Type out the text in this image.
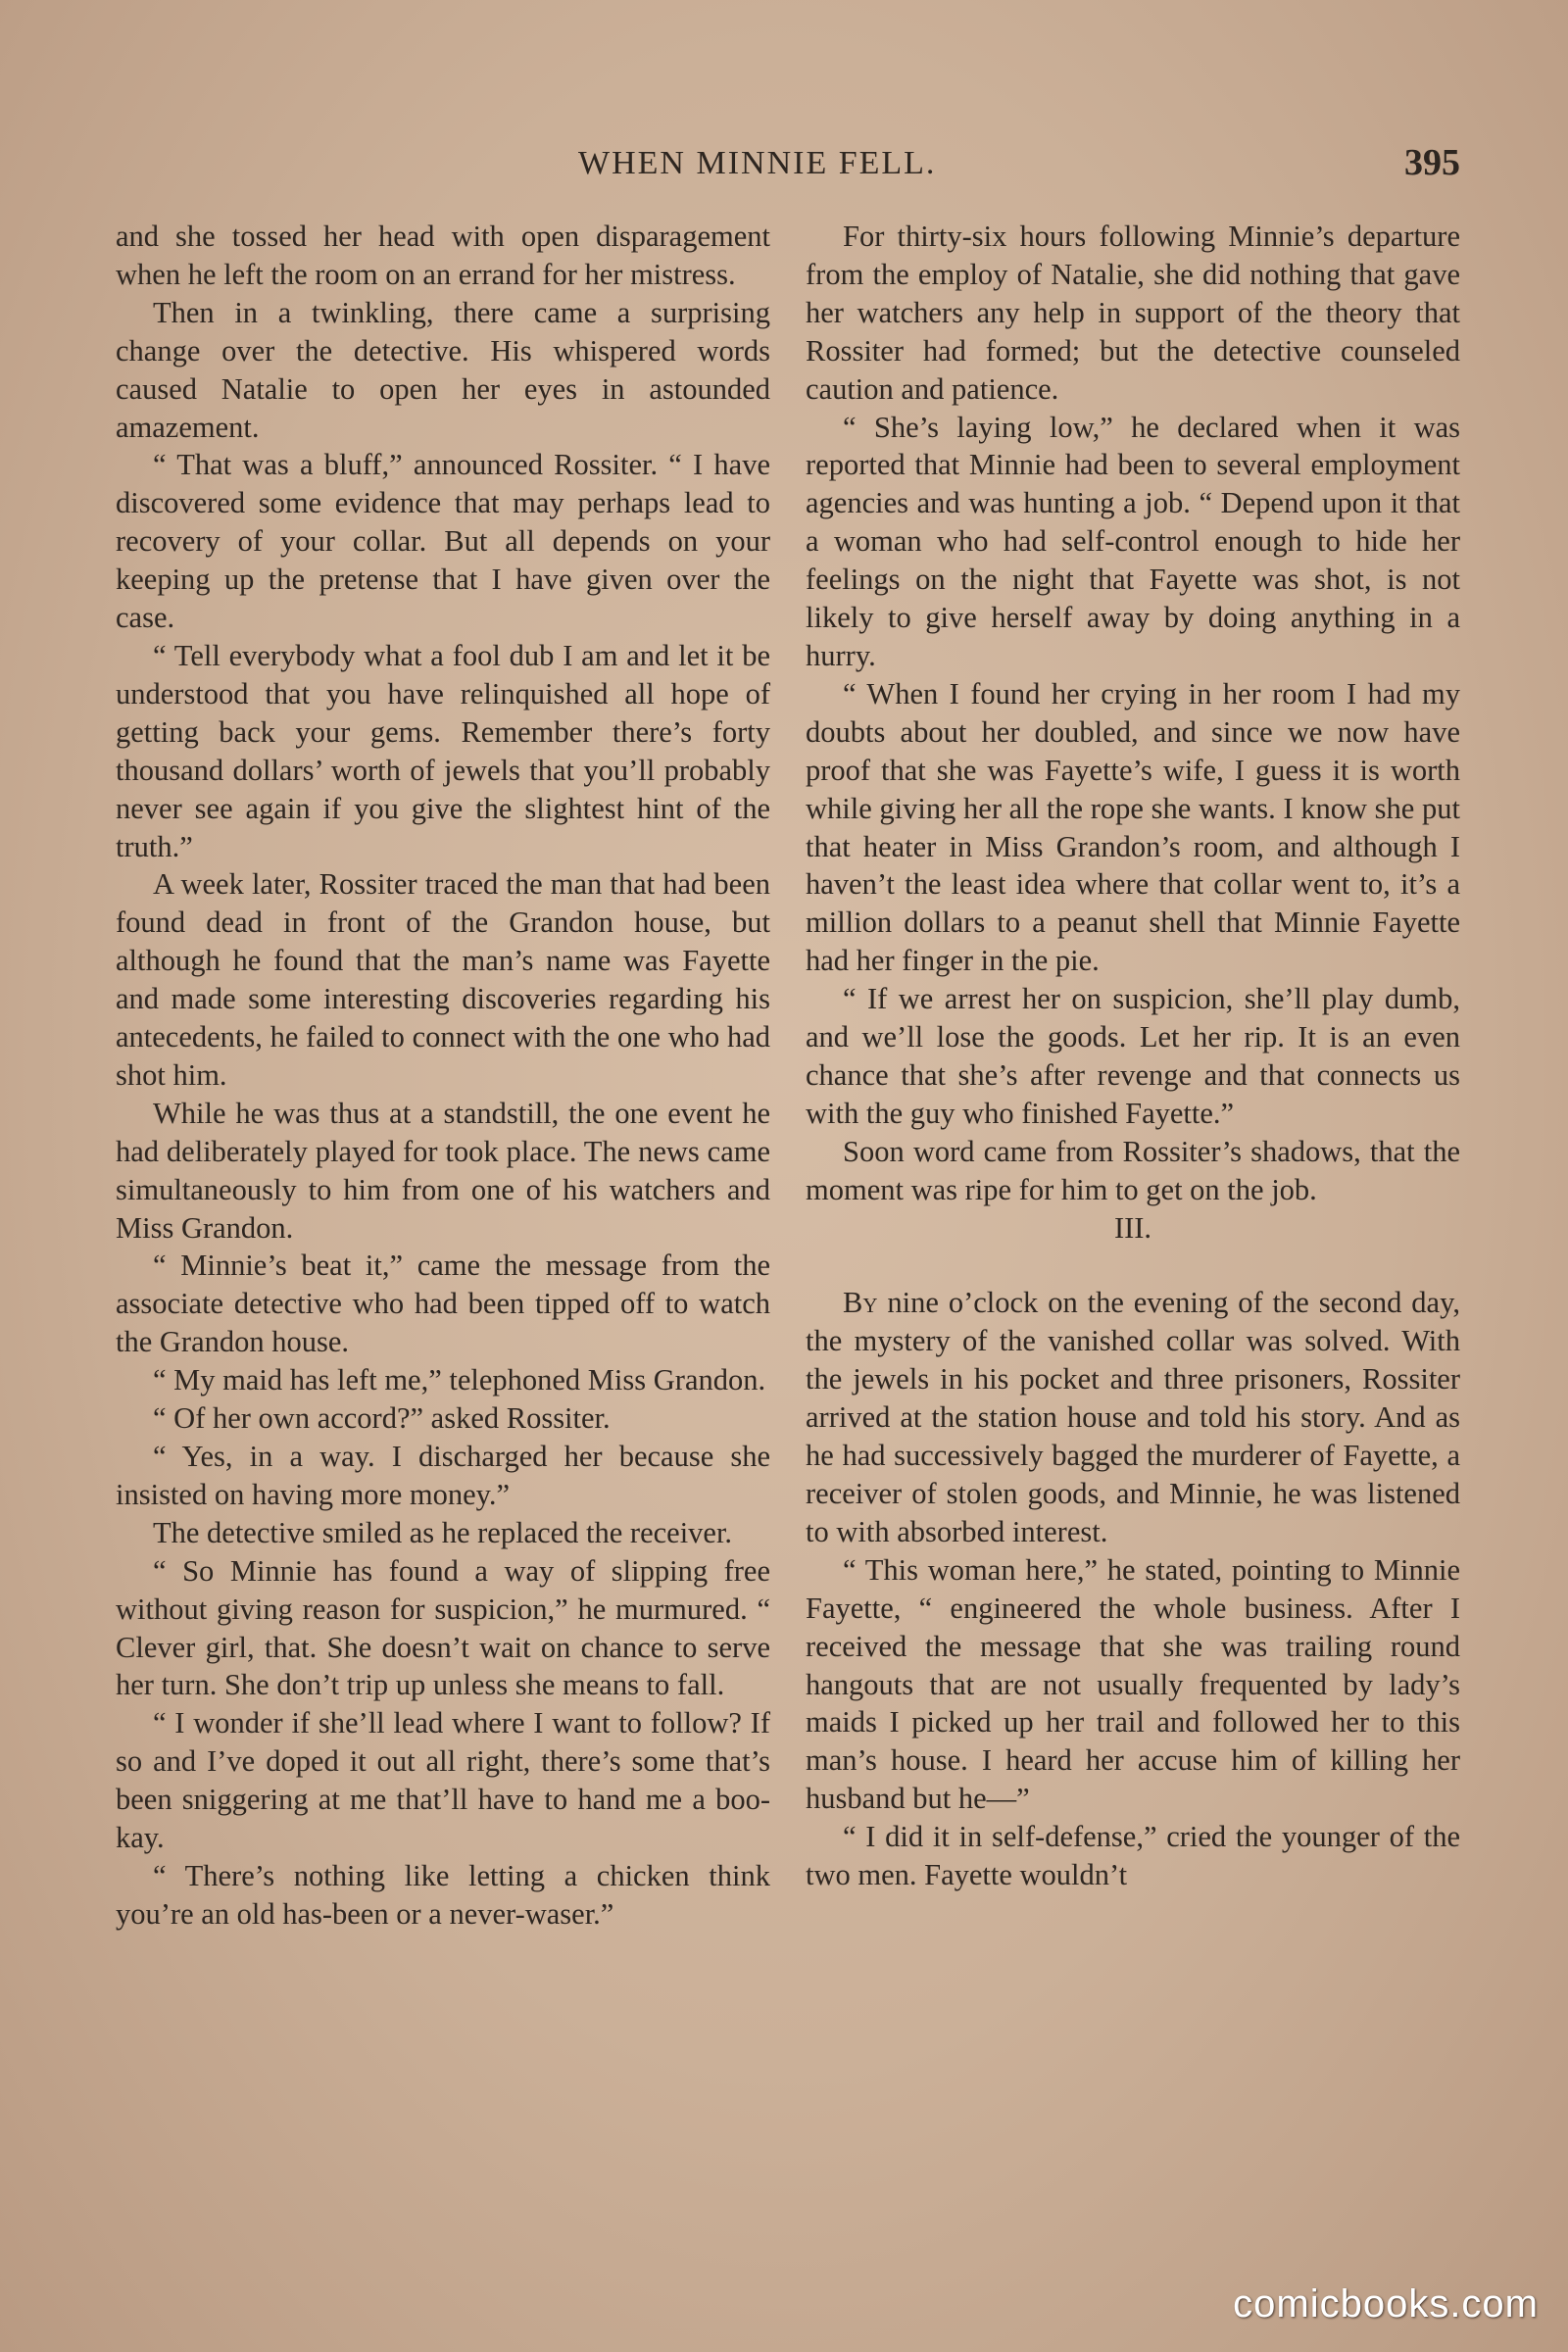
WHEN MINNIE FELL.	395

and she tossed her head with open disparagement when he left the room on an errand for her mistress.

Then in a twinkling, there came a surprising change over the detective. His whispered words caused Natalie to open her eyes in astounded amazement.

“ That was a bluff,” announced Rossiter. “ I have discovered some evidence that may perhaps lead to recovery of your collar. But all depends on your keeping up the pretense that I have given over the case.

“ Tell everybody what a fool dub I am and let it be understood that you have relinquished all hope of getting back your gems. Remember there’s forty thousand dollars’ worth of jewels that you’ll probably never see again if you give the slightest hint of the truth.”

A week later, Rossiter traced the man that had been found dead in front of the Grandon house, but although he found that the man’s name was Fayette and made some interesting discoveries regarding his antecedents, he failed to connect with the one who had shot him.

While he was thus at a standstill, the one event he had deliberately played for took place. The news came simultaneously to him from one of his watchers and Miss Grandon.

“ Minnie’s beat it,” came the message from the associate detective who had been tipped off to watch the Grandon house.

“ My maid has left me,” telephoned Miss Grandon.

“ Of her own accord?” asked Rossiter.

“ Yes, in a way. I discharged her because she insisted on having more money.”

The detective smiled as he replaced the receiver.

“ So Minnie has found a way of slipping free without giving reason for suspicion,” he murmured. “ Clever girl, that. She doesn’t wait on chance to serve her turn. She don’t trip up unless she means to fall.

“ I wonder if she’ll lead where I want to follow? If so and I’ve doped it out all right, there’s some that’s been sniggering at me that’ll have to hand me a boo-kay.

“ There’s nothing like letting a chicken think you’re an old has-been or a never-waser.”

For thirty-six hours following Minnie’s departure from the employ of Natalie, she did nothing that gave her watchers any help in support of the theory that Rossiter had formed; but the detective counseled caution and patience.

“ She’s laying low,” he declared when it was reported that Minnie had been to several employment agencies and was hunting a job. “ Depend upon it that a woman who had self-control enough to hide her feelings on the night that Fayette was shot, is not likely to give herself away by doing anything in a hurry.

“ When I found her crying in her room I had my doubts about her doubled, and since we now have proof that she was Fayette’s wife, I guess it is worth while giving her all the rope she wants. I know she put that heater in Miss Grandon’s room, and although I haven’t the least idea where that collar went to, it’s a million dollars to a peanut shell that Minnie Fayette had her finger in the pie.

“ If we arrest her on suspicion, she’ll play dumb, and we’ll lose the goods. Let her rip. It is an even chance that she’s after revenge and that connects us with the guy who finished Fayette.”

Soon word came from Rossiter’s shadows, that the moment was ripe for him to get on the job.

III.

By nine o’clock on the evening of the second day, the mystery of the vanished collar was solved. With the jewels in his pocket and three prisoners, Rossiter arrived at the station house and told his story. And as he had successively bagged the murderer of Fayette, a receiver of stolen goods, and Minnie, he was listened to with absorbed interest.

“ This woman here,” he stated, pointing to Minnie Fayette, “ engineered the whole business. After I received the message that she was trailing round hangouts that are not usually frequented by lady’s maids I picked up her trail and followed her to this man’s house. I heard her accuse him of killing her husband but he—”

“ I did it in self-defense,” cried the younger of the two men. Fayette wouldn’t

comicbooks.com
